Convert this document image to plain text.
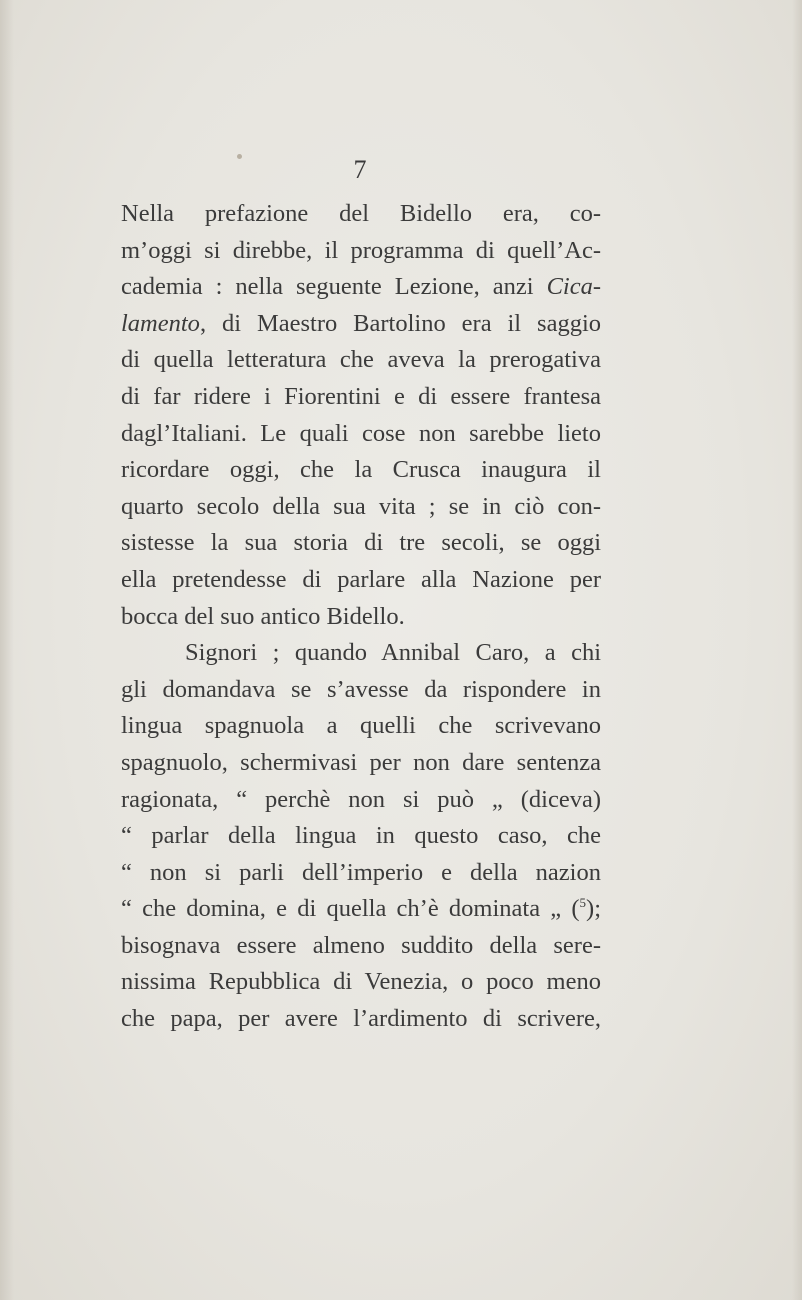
7
Nella prefazione del Bidello era, co-
m’oggi si direbbe, il programma di quell’Ac-
cademia : nella seguente Lezione, anzi Cica-
lamento, di Maestro Bartolino era il saggio
di quella letteratura che aveva la prerogativa
di far ridere i Fiorentini e di essere frantesa
dagl’Italiani. Le quali cose non sarebbe lieto
ricordare oggi, che la Crusca inaugura il
quarto secolo della sua vita ; se in ciò con-
sistesse la sua storia di tre secoli, se oggi
ella pretendesse di parlare alla Nazione per
bocca del suo antico Bidello.
Signori ; quando Annibal Caro, a chi
gli domandava se s’avesse da rispondere in
lingua spagnuola a quelli che scrivevano
spagnuolo, schermivasi per non dare sentenza
ragionata, “ perchè non si può „ (diceva)
“ parlar della lingua in questo caso, che
“ non si parli dell’imperio e della nazion
“ che domina, e di quella ch’è dominata „ ($^5$);
bisognava essere almeno suddito della sere-
nissima Repubblica di Venezia, o poco meno
che papa, per avere l’ardimento di scrivere,
